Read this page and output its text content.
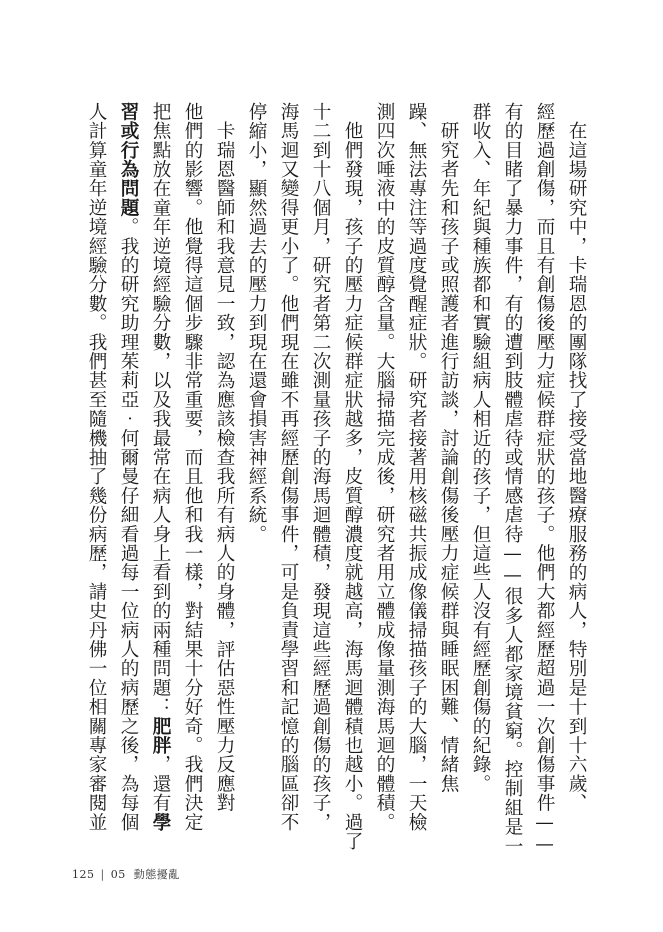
　在這場研究中，卡瑞恩的團隊找了接受當地醫療服務的病人，特別是十到十六歲、
經歷過創傷，而且有創傷後壓力症候群症狀的孩子。他們大都經歷超過一次創傷事件——
有的目睹了暴力事件，有的遭到肢體虐待或情感虐待——很多人都家境貧窮。控制組是一
群收入、年紀與種族都和實驗組病人相近的孩子，但這些人沒有經歷創傷的紀錄。
　研究者先和孩子或照護者進行訪談，討論創傷後壓力症候群與睡眠困難、情緒焦
躁、無法專注等過度覺醒症狀。研究者接著用核磁共振成像儀掃描孩子的大腦，一天檢
測四次唾液中的皮質醇含量。大腦掃描完成後，研究者用立體成像量測海馬迴的體積。
　他們發現，孩子的壓力症候群症狀越多，皮質醇濃度就越高，海馬迴體積也越小。過了
十二到十八個月，研究者第二次測量孩子的海馬迴體積，發現這些經歷過創傷的孩子，
海馬迴又變得更小了。他們現在雖不再經歷創傷事件，可是負責學習和記憶的腦區卻不
停縮小，顯然過去的壓力到現在還會損害神經系統。
　卡瑞恩醫師和我意見一致，認為應該檢查我所有病人的身體，評估惡性壓力反應對
他們的影響。他覺得這個步驟非常重要，而且他和我一樣，對結果十分好奇。我們決定
把焦點放在童年逆境經驗分數，以及我最常在病人身上看到的兩種問題：肥胖，還有學
習或行為問題。我的研究助理茱莉亞‧何爾曼仔細看過每一位病人的病歷之後，為每個
人計算童年逆境經驗分數。我們甚至隨機抽了幾份病歷，請史丹佛一位相關專家審閱並
125 | 05 動態擾亂
